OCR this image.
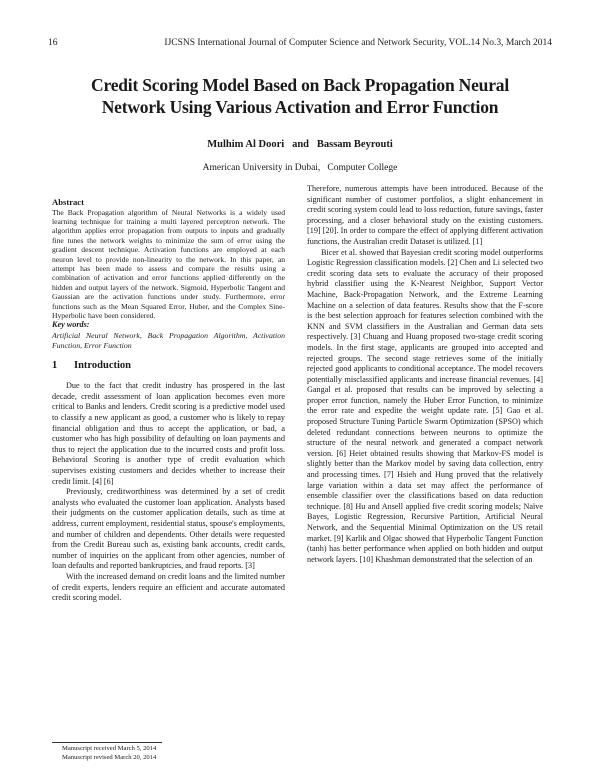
16	IJCSNS International Journal of Computer Science and Network Security, VOL.14 No.3, March 2014
Credit Scoring Model Based on Back Propagation Neural
Network Using Various Activation and Error Function
Mulhim Al Doori   and   Bassam Beyrouti
American University in Dubai,   Computer College
Abstract

The Back Propagation algorithm of Neural Networks is a widely used learning technique for training a multi layered perceptron network. The algorithm applies error propagation from outputs to inputs and gradually fine tunes the network weights to minimize the sum of error using the gradient descent technique. Activation functions are employed at each neuron level to provide non-linearity to the network. In this paper, an attempt has been made to assess and compare the results using a combination of activation and error functions applied differently on the hidden and output layers of the network. Sigmoid, Hyperbolic Tangent and Gaussian are the activation functions under study. Furthermore, error functions such as the Mean Squared Error, Huber, and the Complex Sine-Hyperbolic have been considered.

Key words:

Artificial Neural Network, Back Propagation Algorithm, Activation Function, Error Function

1 Introduction

Due to the fact that credit industry has prospered in the last decade, credit assessment of loan application becomes even more critical to Banks and lenders. Credit scoring is a predictive model used to classify a new applicant as good, a customer who is likely to repay financial obligation and thus to accept the application, or bad, a customer who has high possibility of defaulting on loan payments and thus to reject the application due to the incurred costs and profit loss. Behavioral Scoring is another type of credit evaluation which supervises existing customers and decides whether to increase their credit limit. [4] [6]

Previously, creditworthiness was determined by a set of credit analysts who evaluated the customer loan application. Analysts based their judgments on the customer application details, such as time at address, current employment, residential status, spouse's employments, and number of children and dependents. Other details were requested from the Credit Bureau such as, existing bank accounts, credit cards, number of inquiries on the applicant from other agencies, number of loan defaults and reported bankruptcies, and fraud reports. [3]

With the increased demand on credit loans and the limited number of credit experts, lenders require an efficient and accurate automated credit scoring model.

Therefore, numerous attempts have been introduced. Because of the significant number of customer portfolios, a slight enhancement in credit scoring system could lead to loss reduction, future savings, faster processing, and a closer behavioral study on the existing customers. [19] [20]. In order to compare the effect of applying different activation functions, the Australian credit Dataset is utilized. [1]

Bicer et al. showed that Bayesian credit scoring model outperforms Logistic Regression classification models. [2] Chen and Li selected two credit scoring data sets to evaluate the accuracy of their proposed hybrid classifier using the K-Nearest Neighbor, Support Vector Machine, Back-Propagation Network, and the Extreme Learning Machine on a selection of data features. Results show that the F-score is the best selection approach for features selection combined with the KNN and SVM classifiers in the Australian and German data sets respectively. [3] Chuang and Huang proposed two-stage credit scoring models. In the first stage, applicants are grouped into accepted and rejected groups. The second stage retrieves some of the initially rejected good applicants to conditional acceptance. The model recovers potentially misclassified applicants and increase financial revenues. [4] Gangal et al. proposed that results can be improved by selecting a proper error function, namely the Huber Error Function, to minimize the error rate and expedite the weight update rate. [5] Gao et al. proposed Structure Tuning Particle Swarm Optimization (SPSO) which deleted redundant connections between neurons to optimize the structure of the neural network and generated a compact network version. [6] Heiet obtained results showing that Markov-FS model is slightly better than the Markov model by saving data collection, entry and processing times. [7] Hsieh and Hung proved that the relatively large variation within a data set may affect the performance of ensemble classifier over the classifications based on data reduction technique. [8] Hu and Ansell applied five credit scoring models; Naïve Bayes, Logistic Regression, Recursive Partition, Artificial Neural Network, and the Sequential Minimal Optimization on the US retail market. [9] Karlik and Olgac showed that Hyperbolic Tangent Function (tanh) has better performance when applied on both hidden and output network layers. [10] Khashman demonstrated that the selection of an

Manuscript received March 5, 2014
Manuscript revised March 20, 2014
